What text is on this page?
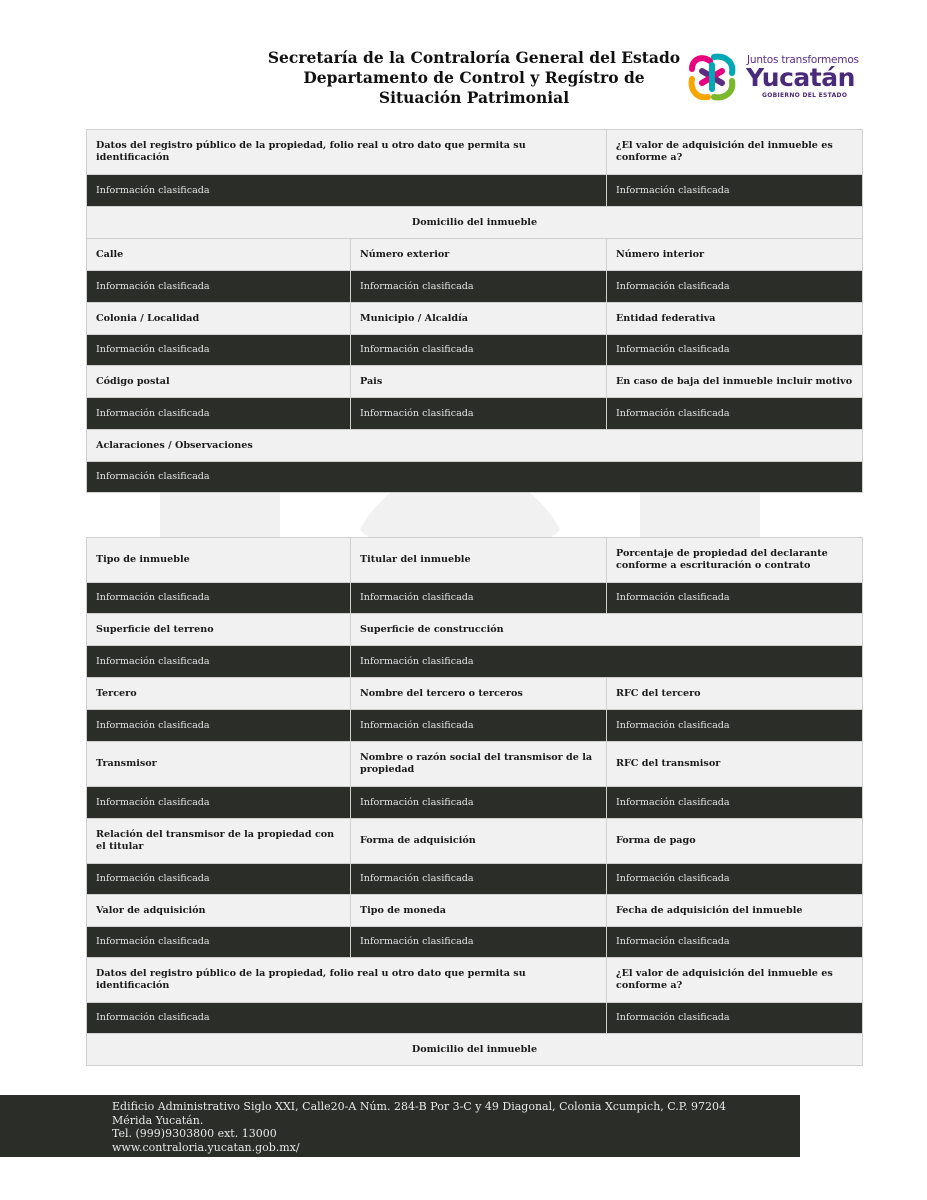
Secretaría de la Contraloría General del Estado
Departamento de Control y Regístro de
Situación Patrimonial
Juntos transformemos
Yucatán
GOBIERNO DEL ESTADO
Datos del registro público de la propiedad, folio real u otro dato que permita su identificación		¿El valor de adquisición del inmueble es conforme a?
Información clasificada		Información clasificada
Domicilio del inmueble		
Calle	Número exterior	Número interior
Información clasificada	Información clasificada	Información clasificada
Colonia / Localidad	Municipio / Alcaldía	Entidad federativa
Información clasificada	Información clasificada	Información clasificada
Código postal	Pais	En caso de baja del inmueble incluir motivo
Información clasificada	Información clasificada	Información clasificada
Aclaraciones / Observaciones		
Información clasificada		
Tipo de inmueble	Titular del inmueble	Porcentaje de propiedad del declarante conforme a escrituración o contrato
Información clasificada	Información clasificada	Información clasificada
Superficie del terreno	Superficie de construcción	
Información clasificada	Información clasificada	
Tercero	Nombre del tercero o terceros	RFC del tercero
Información clasificada	Información clasificada	Información clasificada
Transmisor	Nombre o razón social del transmisor de la propiedad	RFC del transmisor
Información clasificada	Información clasificada	Información clasificada
Relación del transmisor de la propiedad con el titular	Forma de adquisición	Forma de pago
Información clasificada	Información clasificada	Información clasificada
Valor de adquisición	Tipo de moneda	Fecha de adquisición del inmueble
Información clasificada	Información clasificada	Información clasificada
Datos del registro público de la propiedad, folio real u otro dato que permita su identificación		¿El valor de adquisición del inmueble es conforme a?
Información clasificada		Información clasificada
Domicilio del inmueble		
Edificio Administrativo Siglo XXI, Calle20-A Núm. 284-B Por 3-C y 49 Diagonal, Colonia Xcumpich, C.P. 97204
Mérida Yucatán.
Tel. (999)9303800 ext. 13000
www.contraloria.yucatan.gob.mx/
